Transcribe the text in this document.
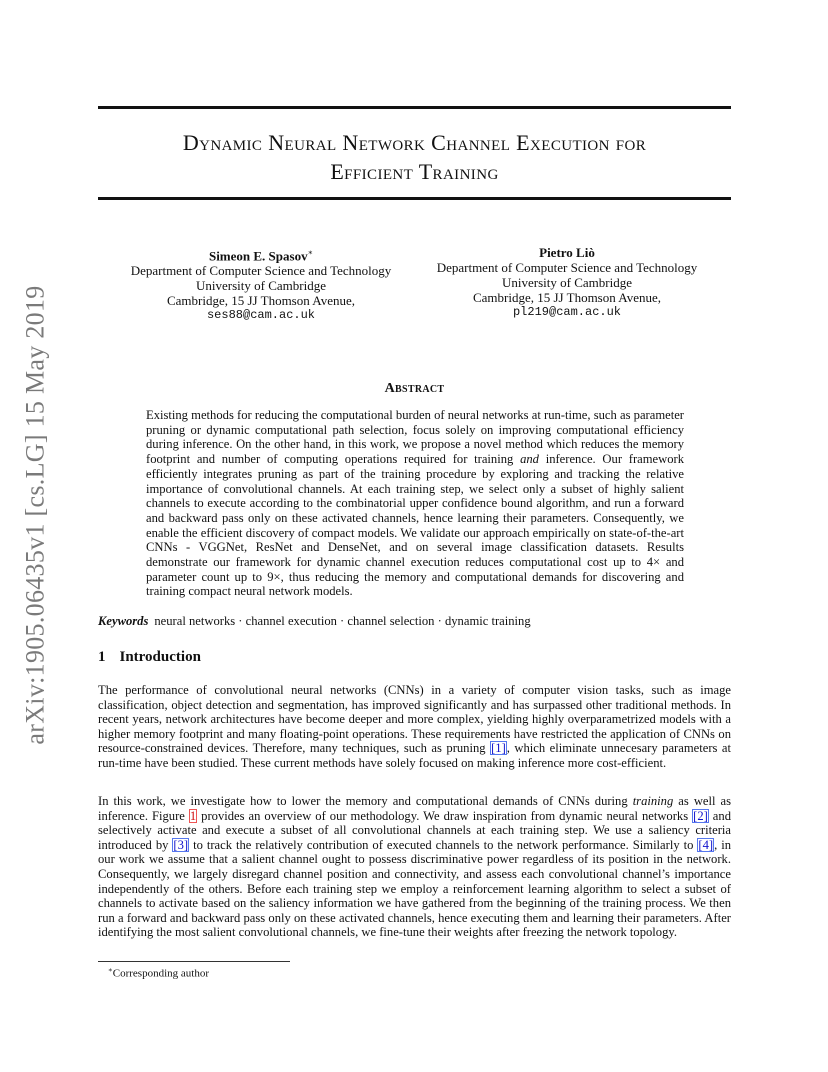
arXiv:1905.06435v1 [cs.LG] 15 May 2019
Dynamic Neural Network Channel Execution for
Efficient Training
Simeon E. Spasov∗
Department of Computer Science and Technology
University of Cambridge
Cambridge, 15 JJ Thomson Avenue,
ses88@cam.ac.uk
Pietro Liò
Department of Computer Science and Technology
University of Cambridge
Cambridge, 15 JJ Thomson Avenue,
pl219@cam.ac.uk
Abstract
Existing methods for reducing the computational burden of neural networks at run-time, such as parameter pruning or dynamic computational path selection, focus solely on improving computational efficiency during inference. On the other hand, in this work, we propose a novel method which reduces the memory footprint and number of computing operations required for training and inference. Our framework efficiently integrates pruning as part of the training procedure by exploring and tracking the relative importance of convolutional channels. At each training step, we select only a subset of highly salient channels to execute according to the combinatorial upper confidence bound algorithm, and run a forward and backward pass only on these activated channels, hence learning their parameters. Consequently, we enable the efficient discovery of compact models. We validate our approach empirically on state-of-the-art CNNs - VGGNet, ResNet and DenseNet, and on several image classification datasets. Results demonstrate our framework for dynamic channel execution reduces computational cost up to 4× and parameter count up to 9×, thus reducing the memory and computational demands for discovering and training compact neural network models.
Keywords neural networks · channel execution · channel selection · dynamic training
1 Introduction
The performance of convolutional neural networks (CNNs) in a variety of computer vision tasks, such as image classification, object detection and segmentation, has improved significantly and has surpassed other traditional methods. In recent years, network architectures have become deeper and more complex, yielding highly overparametrized models with a higher memory footprint and many floating-point operations. These requirements have restricted the application of CNNs on resource-constrained devices. Therefore, many techniques, such as pruning [1], which eliminate unnecesary parameters at run-time have been studied. These current methods have solely focused on making inference more cost-efficient.
In this work, we investigate how to lower the memory and computational demands of CNNs during training as well as inference. Figure 1 provides an overview of our methodology. We draw inspiration from dynamic neural networks [2] and selectively activate and execute a subset of all convolutional channels at each training step. We use a saliency criteria introduced by [3] to track the relatively contribution of executed channels to the network performance. Similarly to [4], in our work we assume that a salient channel ought to possess discriminative power regardless of its position in the network. Consequently, we largely disregard channel position and connectivity, and assess each convolutional channel’s importance independently of the others. Before each training step we employ a reinforcement learning algorithm to select a subset of channels to activate based on the saliency information we have gathered from the beginning of the training process. We then run a forward and backward pass only on these activated channels, hence executing them and learning their parameters. After identifying the most salient convolutional channels, we fine-tune their weights after freezing the network topology.
∗Corresponding author
